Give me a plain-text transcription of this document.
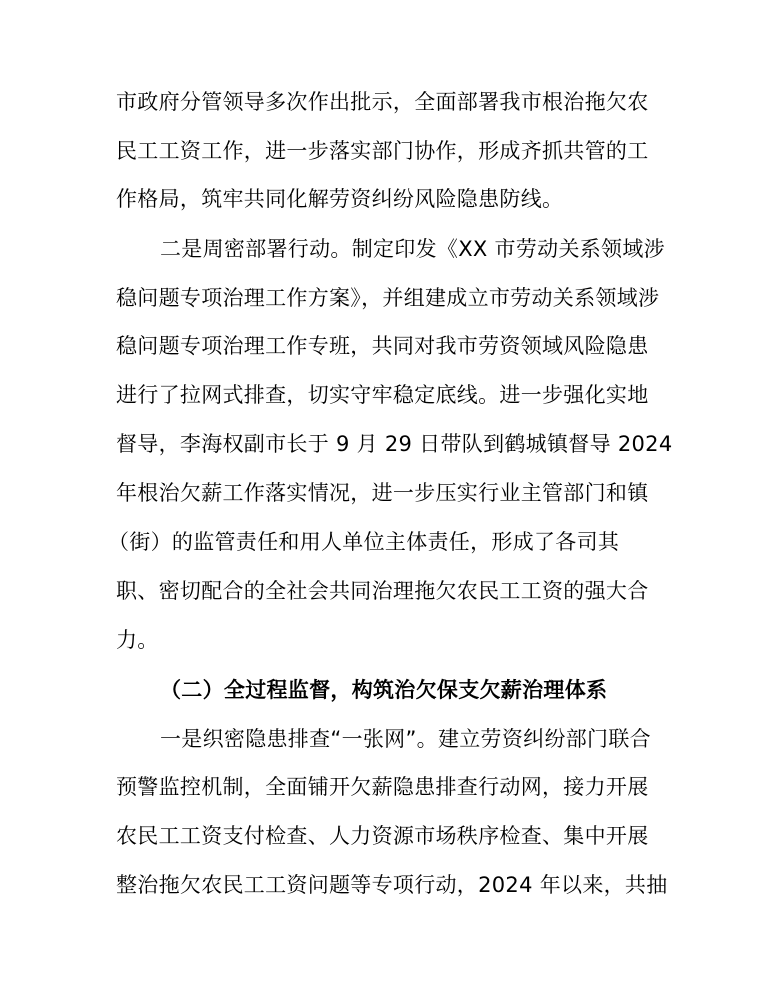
市政府分管领导多次作出批示，全面部署我市根治拖欠农
民工工资工作，进一步落实部门协作，形成齐抓共管的工
作格局，筑牢共同化解劳资纠纷风险隐患防线。
二是周密部署行动。制定印发《XX 市劳动关系领域涉
稳问题专项治理工作方案》，并组建成立市劳动关系领域涉
稳问题专项治理工作专班，共同对我市劳资领域风险隐患
进行了拉网式排查，切实守牢稳定底线。进一步强化实地
督导，李海权副市长于 9 月 29 日带队到鹤城镇督导 2024
年根治欠薪工作落实情况，进一步压实行业主管部门和镇
（街）的监管责任和用人单位主体责任，形成了各司其
职、密切配合的全社会共同治理拖欠农民工工资的强大合
力。
（二）全过程监督，构筑治欠保支欠薪治理体系
一是织密隐患排查“一张网”。建立劳资纠纷部门联合
预警监控机制，全面铺开欠薪隐患排查行动网，接力开展
农民工工资支付检查、人力资源市场秩序检查、集中开展
整治拖欠农民工工资问题等专项行动，2024 年以来，共抽
